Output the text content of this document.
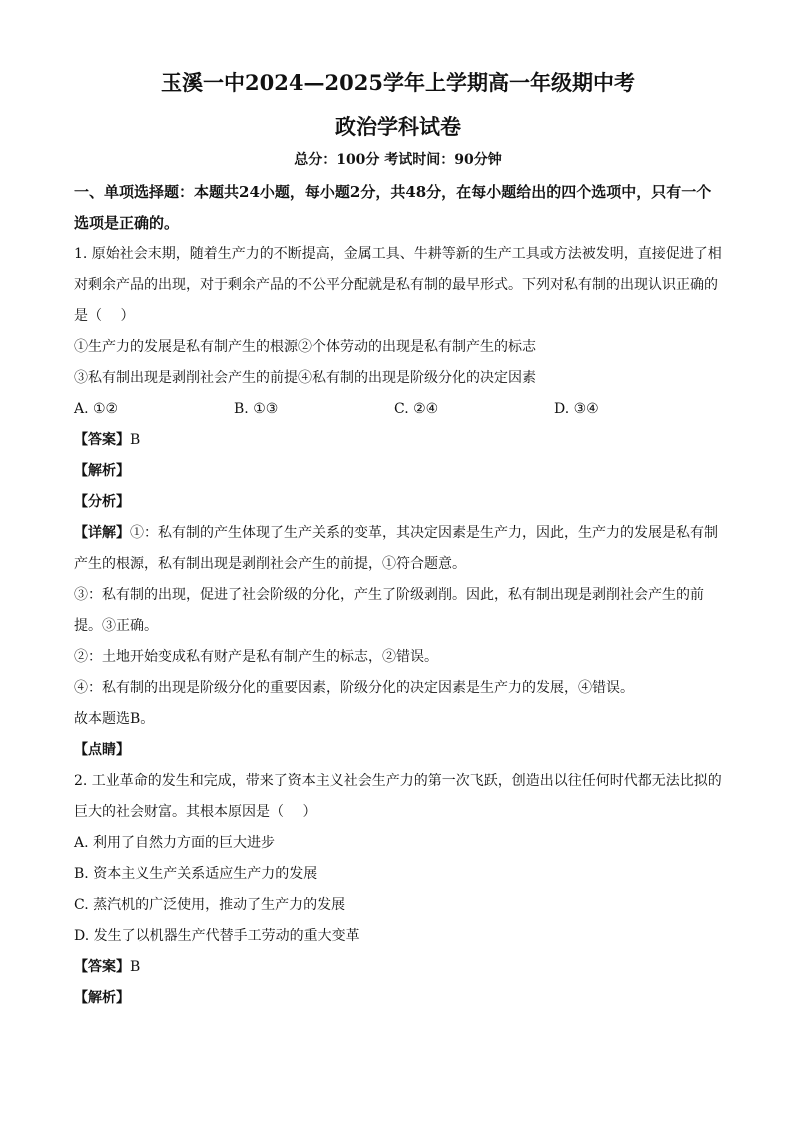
玉溪一中2024—2025学年上学期高一年级期中考
政治学科试卷
总分：100分 考试时间：90分钟
一、单项选择题：本题共24小题，每小题2分，共48分，在每小题给出的四个选项中，只有一个选项是正确的。

1. 原始社会末期，随着生产力的不断提高，金属工具、牛耕等新的生产工具或方法被发明，直接促进了相对剩余产品的出现，对于剩余产品的不公平分配就是私有制的最早形式。下列对私有制的出现认识正确的是（　 ）

①生产力的发展是私有制产生的根源②个体劳动的出现是私有制产生的标志

③私有制出现是剥削社会产生的前提④私有制的出现是阶级分化的决定因素

A. ①②	B. ①③	C. ②④	D. ③④

【答案】B

【解析】

【分析】

【详解】①：私有制的产生体现了生产关系的变革，其决定因素是生产力，因此，生产力的发展是私有制产生的根源，私有制出现是剥削社会产生的前提，①符合题意。

③：私有制的出现，促进了社会阶级的分化，产生了阶级剥削。因此，私有制出现是剥削社会产生的前提。③正确。

②：土地开始变成私有财产是私有制产生的标志，②错误。

④：私有制的出现是阶级分化的重要因素，阶级分化的决定因素是生产力的发展，④错误。

故本题选B。

【点睛】

2. 工业革命的发生和完成，带来了资本主义社会生产力的第一次飞跃，创造出以往任何时代都无法比拟的巨大的社会财富。其根本原因是（　 ）

A. 利用了自然力方面的巨大进步

B. 资本主义生产关系适应生产力的发展

C. 蒸汽机的广泛使用，推动了生产力的发展

D. 发生了以机器生产代替手工劳动的重大变革

【答案】B

【解析】
